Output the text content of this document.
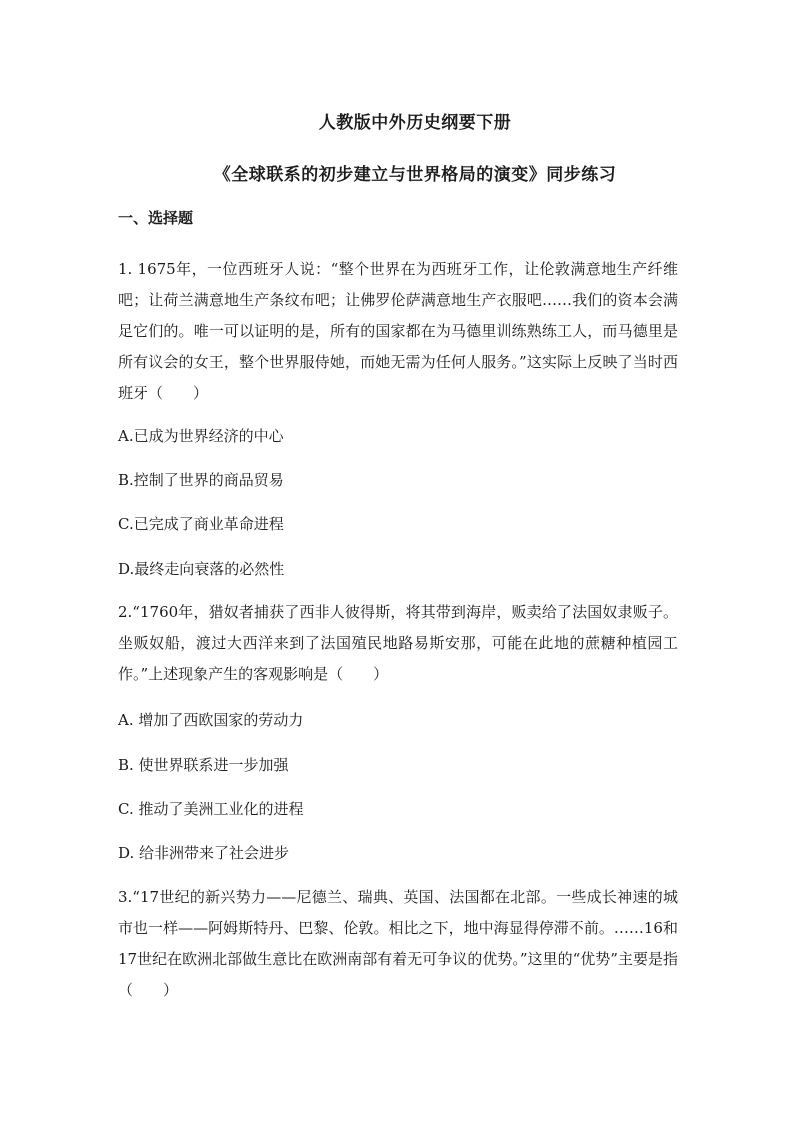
人教版中外历史纲要下册
《全球联系的初步建立与世界格局的演变》同步练习
一、选择题

1. 1675年，一位西班牙人说：“整个世界在为西班牙工作，让伦敦满意地生产纤维吧；让荷兰满意地生产条纹布吧；让佛罗伦萨满意地生产衣服吧……我们的资本会满足它们的。唯一可以证明的是，所有的国家都在为马德里训练熟练工人，而马德里是所有议会的女王，整个世界服侍她，而她无需为任何人服务。”这实际上反映了当时西班牙（　　）

A.已成为世界经济的中心

B.控制了世界的商品贸易

C.已完成了商业革命进程

D.最终走向衰落的必然性

2.“1760年，猎奴者捕获了西非人彼得斯，将其带到海岸，贩卖给了法国奴隶贩子。坐贩奴船，渡过大西洋来到了法国殖民地路易斯安那，可能在此地的蔗糖种植园工作。”上述现象产生的客观影响是（　　）

A. 增加了西欧国家的劳动力

B. 使世界联系进一步加强

C. 推动了美洲工业化的进程

D. 给非洲带来了社会进步

3.“17世纪的新兴势力——尼德兰、瑞典、英国、法国都在北部。一些成长神速的城市也一样——阿姆斯特丹、巴黎、伦敦。相比之下，地中海显得停滞不前。……16和17世纪在欧洲北部做生意比在欧洲南部有着无可争议的优势。”这里的“优势”主要是指（　　）
